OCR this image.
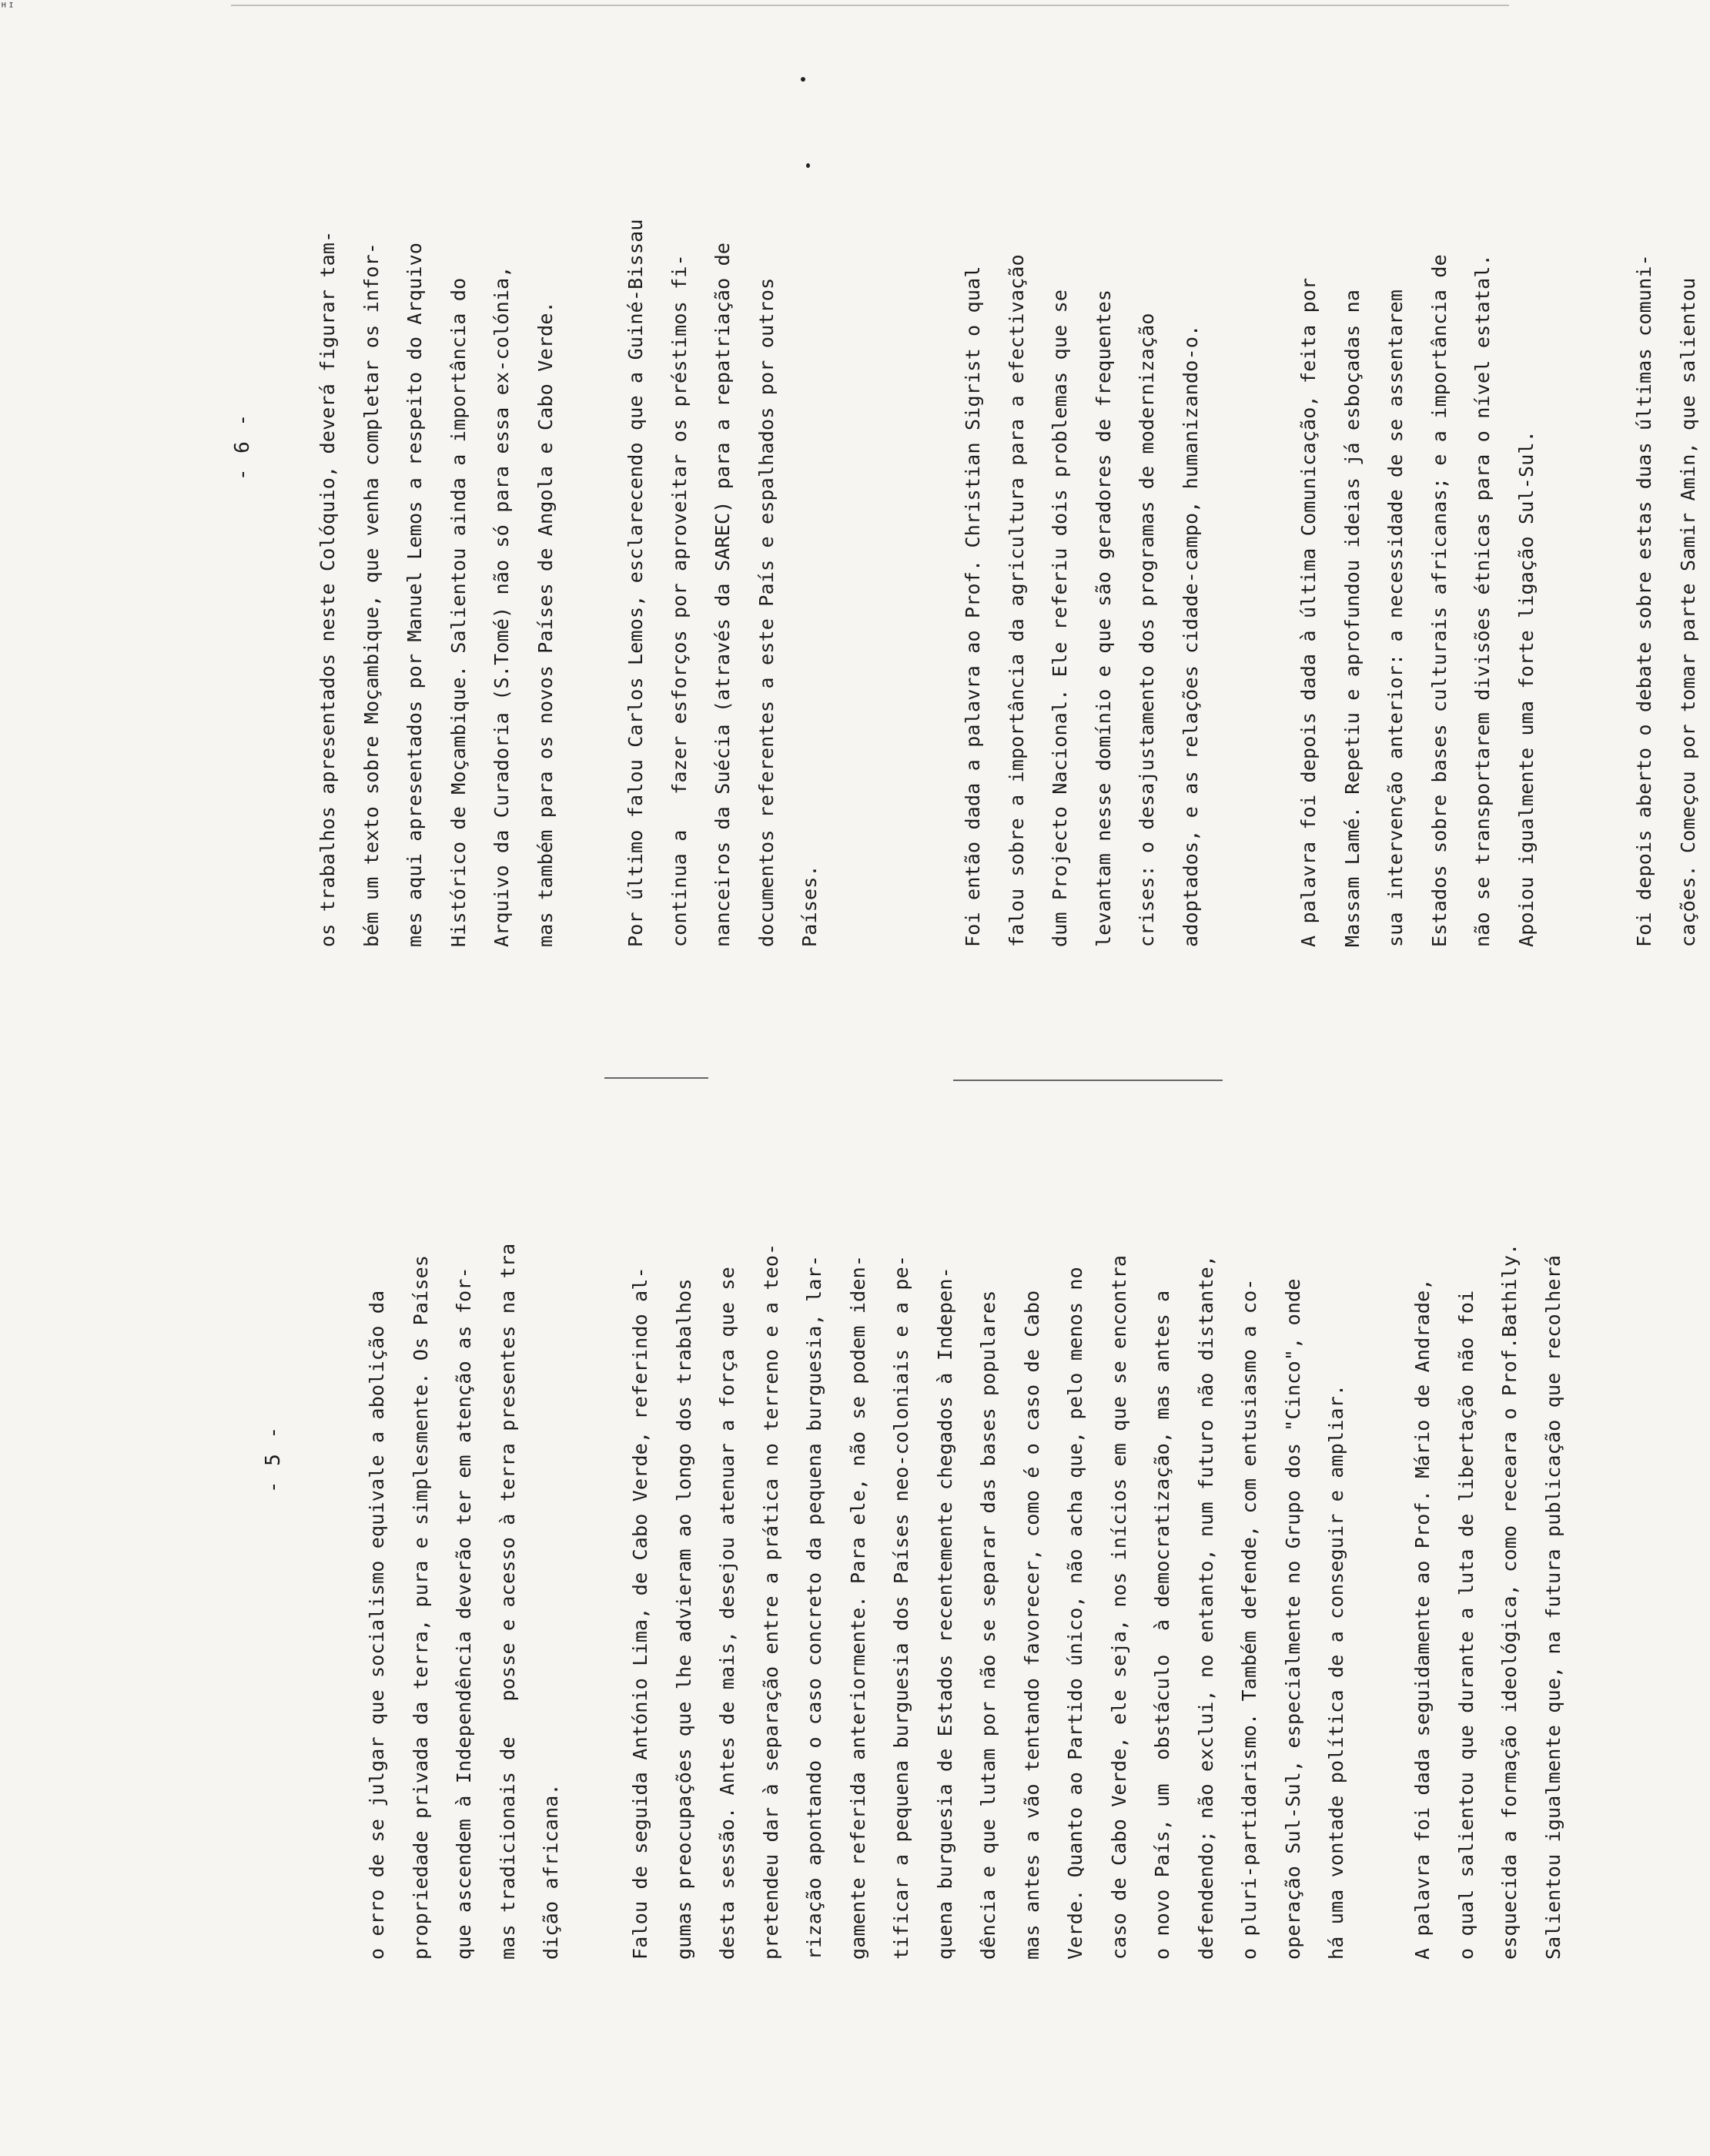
ᴴᴵ
- 5 -

o erro de se julgar que socialismo equivale a abolição da
propriedade privada da terra, pura e simplesmente. Os Países
que ascendem à Independência deverão ter em atenção as for-
mas tradicionais de   posse e acesso à terra presentes na tra
dição africana.

Falou de seguida António Lima, de Cabo Verde, referindo al-
gumas preocupações que lhe advieram ao longo dos trabalhos
desta sessão. Antes de mais, desejou atenuar a força que se
pretendeu dar à separação entre a prática no terreno e a teo-
rização apontando o caso concreto da pequena burguesia, lar-
gamente referida anteriormente. Para ele, não se podem iden-
tificar a pequena burguesia dos Países neo-coloniais e a pe-
quena burguesia de Estados recentemente chegados à Indepen-
dência e que lutam por não se separar das bases populares
mas antes a vão tentando favorecer, como é o caso de Cabo
Verde. Quanto ao Partido único, não acha que, pelo menos no
caso de Cabo Verde, ele seja, nos inícios em que se encontra
o novo País, um  obstáculo  à democratização, mas antes a
defendendo; não exclui, no entanto, num futuro não distante,
o pluri-partidarismo. Também defende, com entusiasmo a co-
operação Sul-Sul, especialmente no Grupo dos "Cinco", onde
há uma vontade política de a conseguir e ampliar.

A palavra foi dada seguidamente ao Prof. Mário de Andrade,
o qual salientou que durante a luta de libertação não foi
esquecida a formação ideológica, como receara o Prof.Bathily.
Salientou igualmente que, na futura publicação que recolherá

- 6 -

os trabalhos apresentados neste Colóquio, deverá figurar tam-
bém um texto sobre Moçambique, que venha completar os infor-
mes aqui apresentados por Manuel Lemos a respeito do Arquivo
Histórico de Moçambique. Salientou ainda a importância do
Arquivo da Curadoria (S.Tomé) não só para essa ex-colónia,
mas também para os novos Países de Angola e Cabo Verde.

Por último falou Carlos Lemos, esclarecendo que a Guiné-Bissau
continua a   fazer esforços por aproveitar os préstimos fi-
nanceiros da Suécia (através da SAREC) para a repatriação de
documentos referentes a este País e espalhados por outros
Países.	Foi então dada a palavra ao Prof. Christian Sigrist o qual
falou sobre a importância da agricultura para a efectivação
dum Projecto Nacional. Ele referiu dois problemas que se
levantam nesse domínio e que são geradores de frequentes
crises: o desajustamento dos programas de modernização
adoptados, e as relações cidade-campo, humanizando-o.

A palavra foi depois dada à última Comunicação, feita por
Massam Lamé. Repetiu e aprofundou ideias já esboçadas na
sua intervenção anterior: a necessidade de se assentarem
Estados sobre bases culturais africanas; e a importância de
não se transportarem divisões étnicas para o nível estatal.
Apoiou igualmente uma forte ligação Sul-Sul.

Foi depois aberto o debate sobre estas duas últimas comuni-
cações. Começou por tomar parte Samir Amin, que salientou
